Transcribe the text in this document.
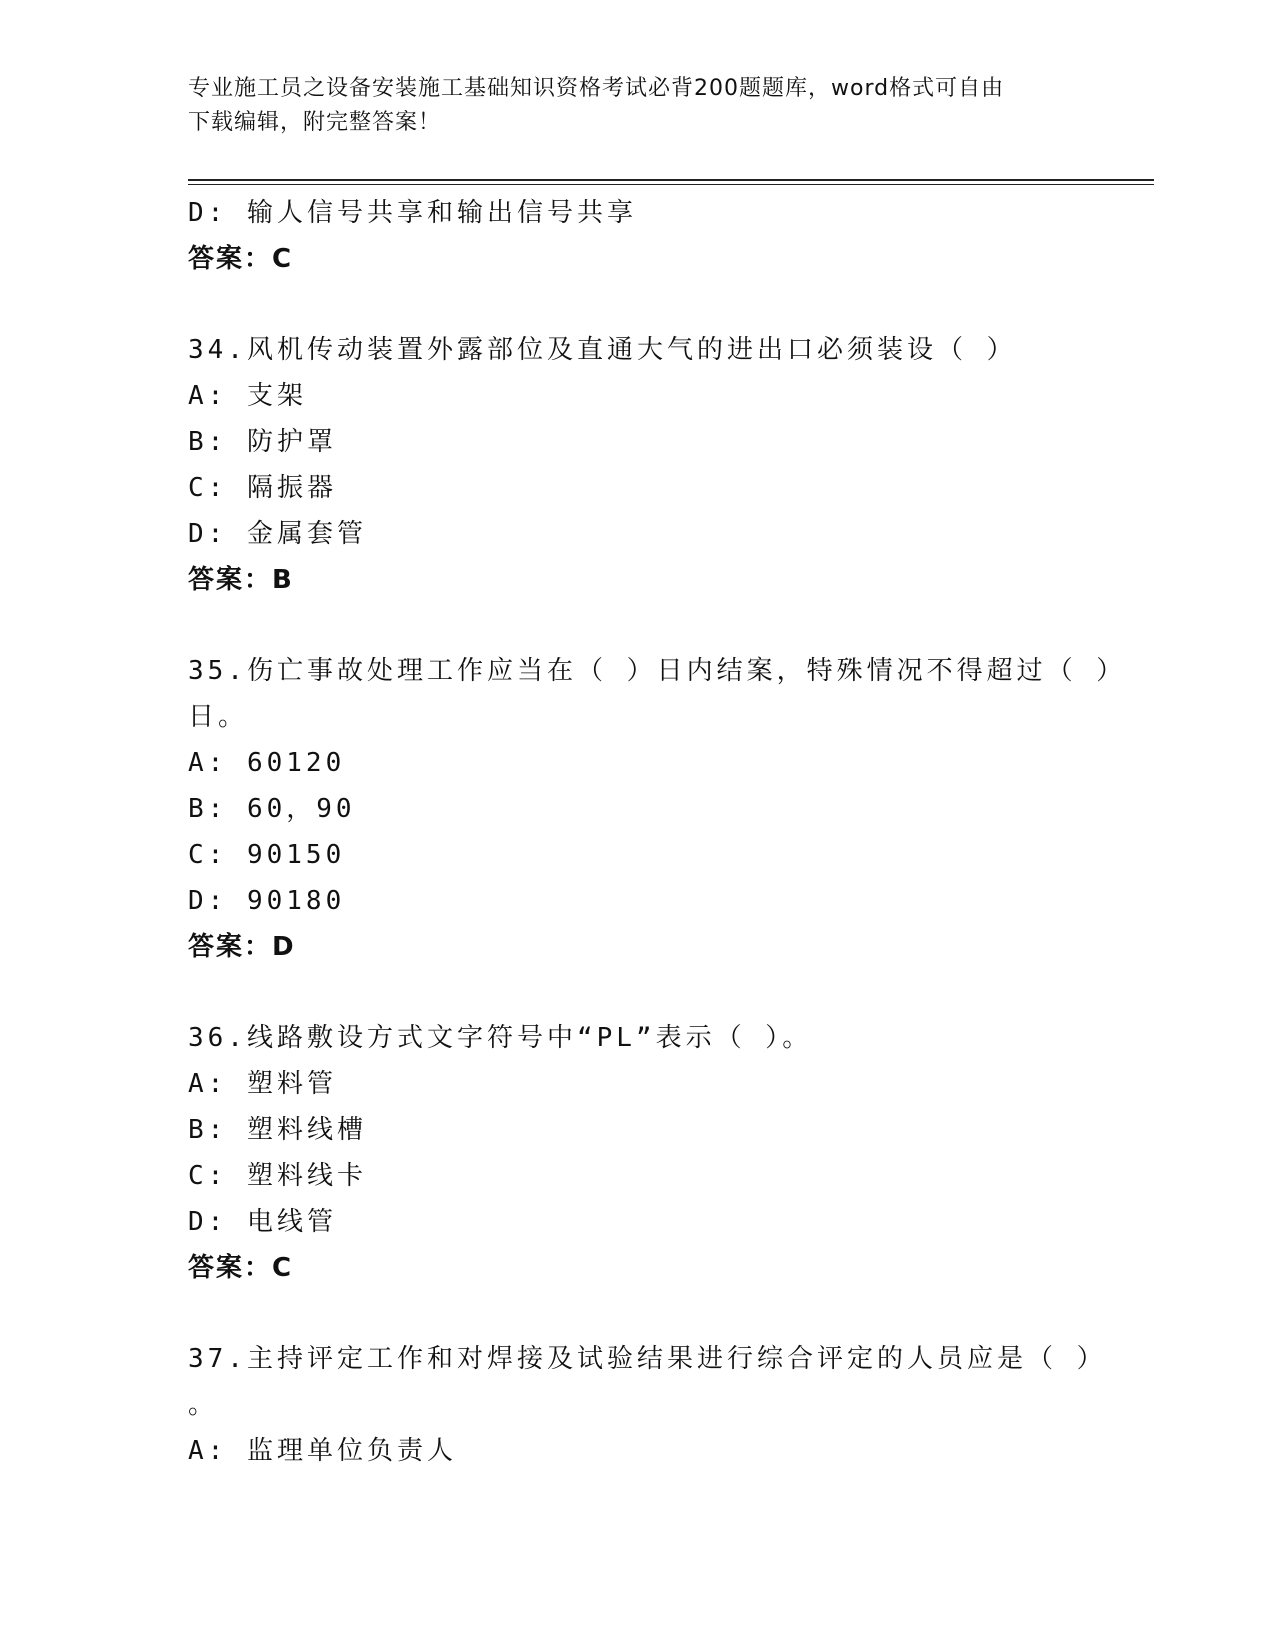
专业施工员之设备安装施工基础知识资格考试必背200题题库，word格式可自由
下载编辑，附完整答案！
D: 输人信号共享和输出信号共享
答案：C
34.风机传动装置外露部位及直通大气的进出口必须装设（ ）
A: 支架
B: 防护罩
C: 隔振器
D: 金属套管
答案：B
35.伤亡事故处理工作应当在（ ）日内结案，特殊情况不得超过（ ）
日。
A: 60120
B: 60，90
C: 90150
D: 90180
答案：D
36.线路敷设方式文字符号中“PL”表示（ ）。
A: 塑料管
B: 塑料线槽
C: 塑料线卡
D: 电线管
答案：C
37.主持评定工作和对焊接及试验结果进行综合评定的人员应是（ ）
。
A: 监理单位负责人
